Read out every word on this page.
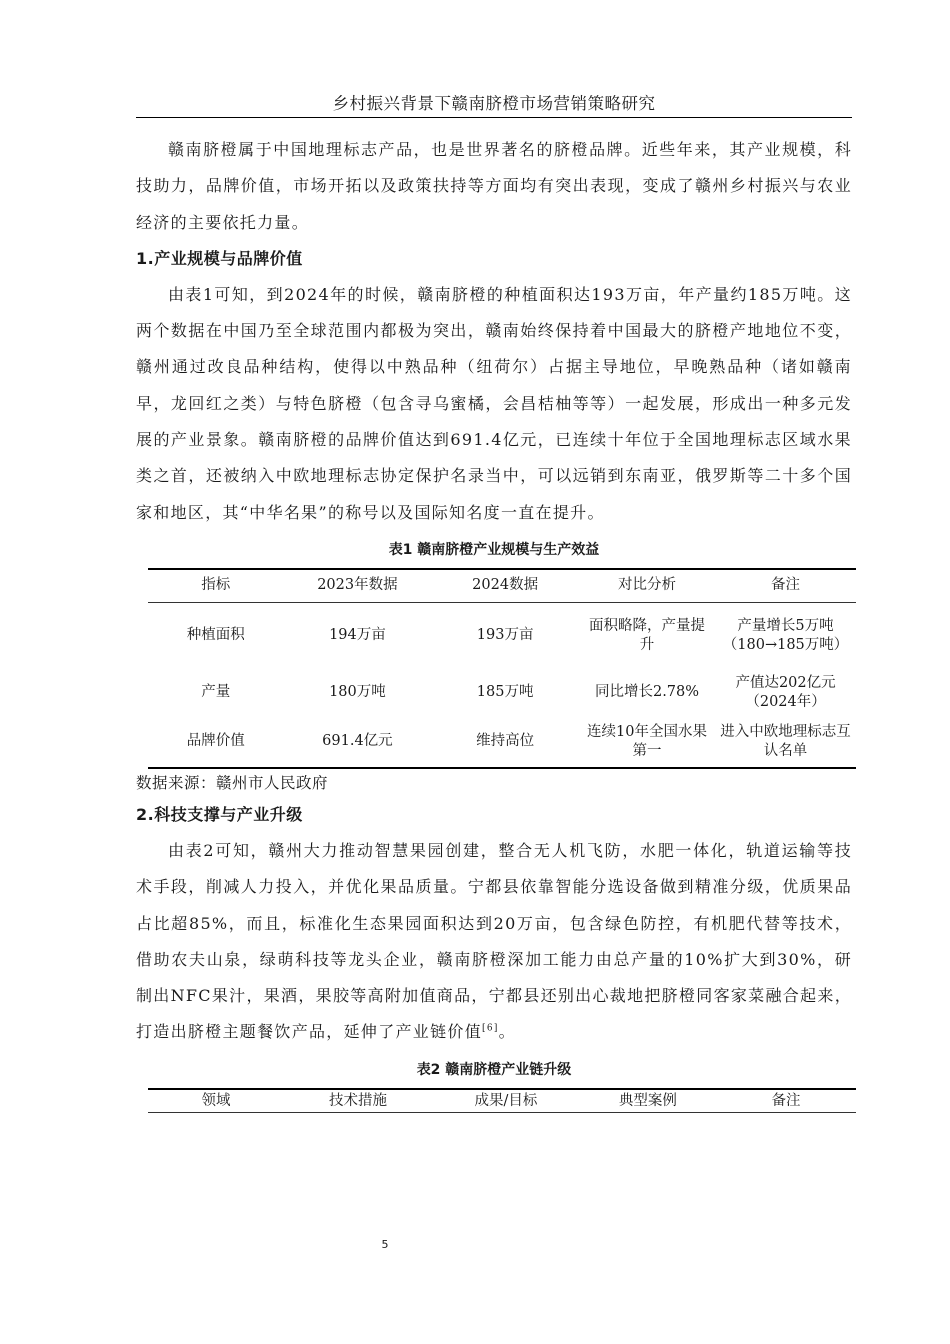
乡村振兴背景下赣南脐橙市场营销策略研究

赣南脐橙属于中国地理标志产品，也是世界著名的脐橙品牌。近些年来，其产业规模，科技助力，品牌价值，市场开拓以及政策扶持等方面均有突出表现，变成了赣州乡村振兴与农业经济的主要依托力量。

1.产业规模与品牌价值

由表1可知，到2024年的时候，赣南脐橙的种植面积达193万亩，年产量约185万吨。这两个数据在中国乃至全球范围内都极为突出，赣南始终保持着中国最大的脐橙产地地位不变，赣州通过改良品种结构，使得以中熟品种（纽荷尔）占据主导地位，早晚熟品种（诸如赣南早，龙回红之类）与特色脐橙（包含寻乌蜜橘，会昌桔柚等等）一起发展，形成出一种多元发展的产业景象。赣南脐橙的品牌价值达到691.4亿元，已连续十年位于全国地理标志区域水果类之首，还被纳入中欧地理标志协定保护名录当中，可以远销到东南亚，俄罗斯等二十多个国家和地区，其“中华名果”的称号以及国际知名度一直在提升。

表1 赣南脐橙产业规模与生产效益
指标	2023年数据	2024数据	对比分析	备注
种植面积	194万亩	193万亩	面积略降，产量提升	产量增长5万吨（180→185万吨）
产量	180万吨	185万吨	同比增长2.78%	产值达202亿元（2024年）
品牌价值	691.4亿元	维持高位	连续10年全国水果第一	进入中欧地理标志互认名单

数据来源：赣州市人民政府

2.科技支撑与产业升级

由表2可知，赣州大力推动智慧果园创建，整合无人机飞防，水肥一体化，轨道运输等技术手段，削减人力投入，并优化果品质量。宁都县依靠智能分选设备做到精准分级，优质果品占比超85%，而且，标准化生态果园面积达到20万亩，包含绿色防控，有机肥代替等技术，借助农夫山泉，绿萌科技等龙头企业，赣南脐橙深加工能力由总产量的10%扩大到30%，研制出NFC果汁，果酒，果胶等高附加值商品，宁都县还别出心裁地把脐橙同客家菜融合起来，打造出脐橙主题餐饮产品，延伸了产业链价值[6]。

表2 赣南脐橙产业链升级
领域	技术措施	成果/目标	典型案例	备注
5
